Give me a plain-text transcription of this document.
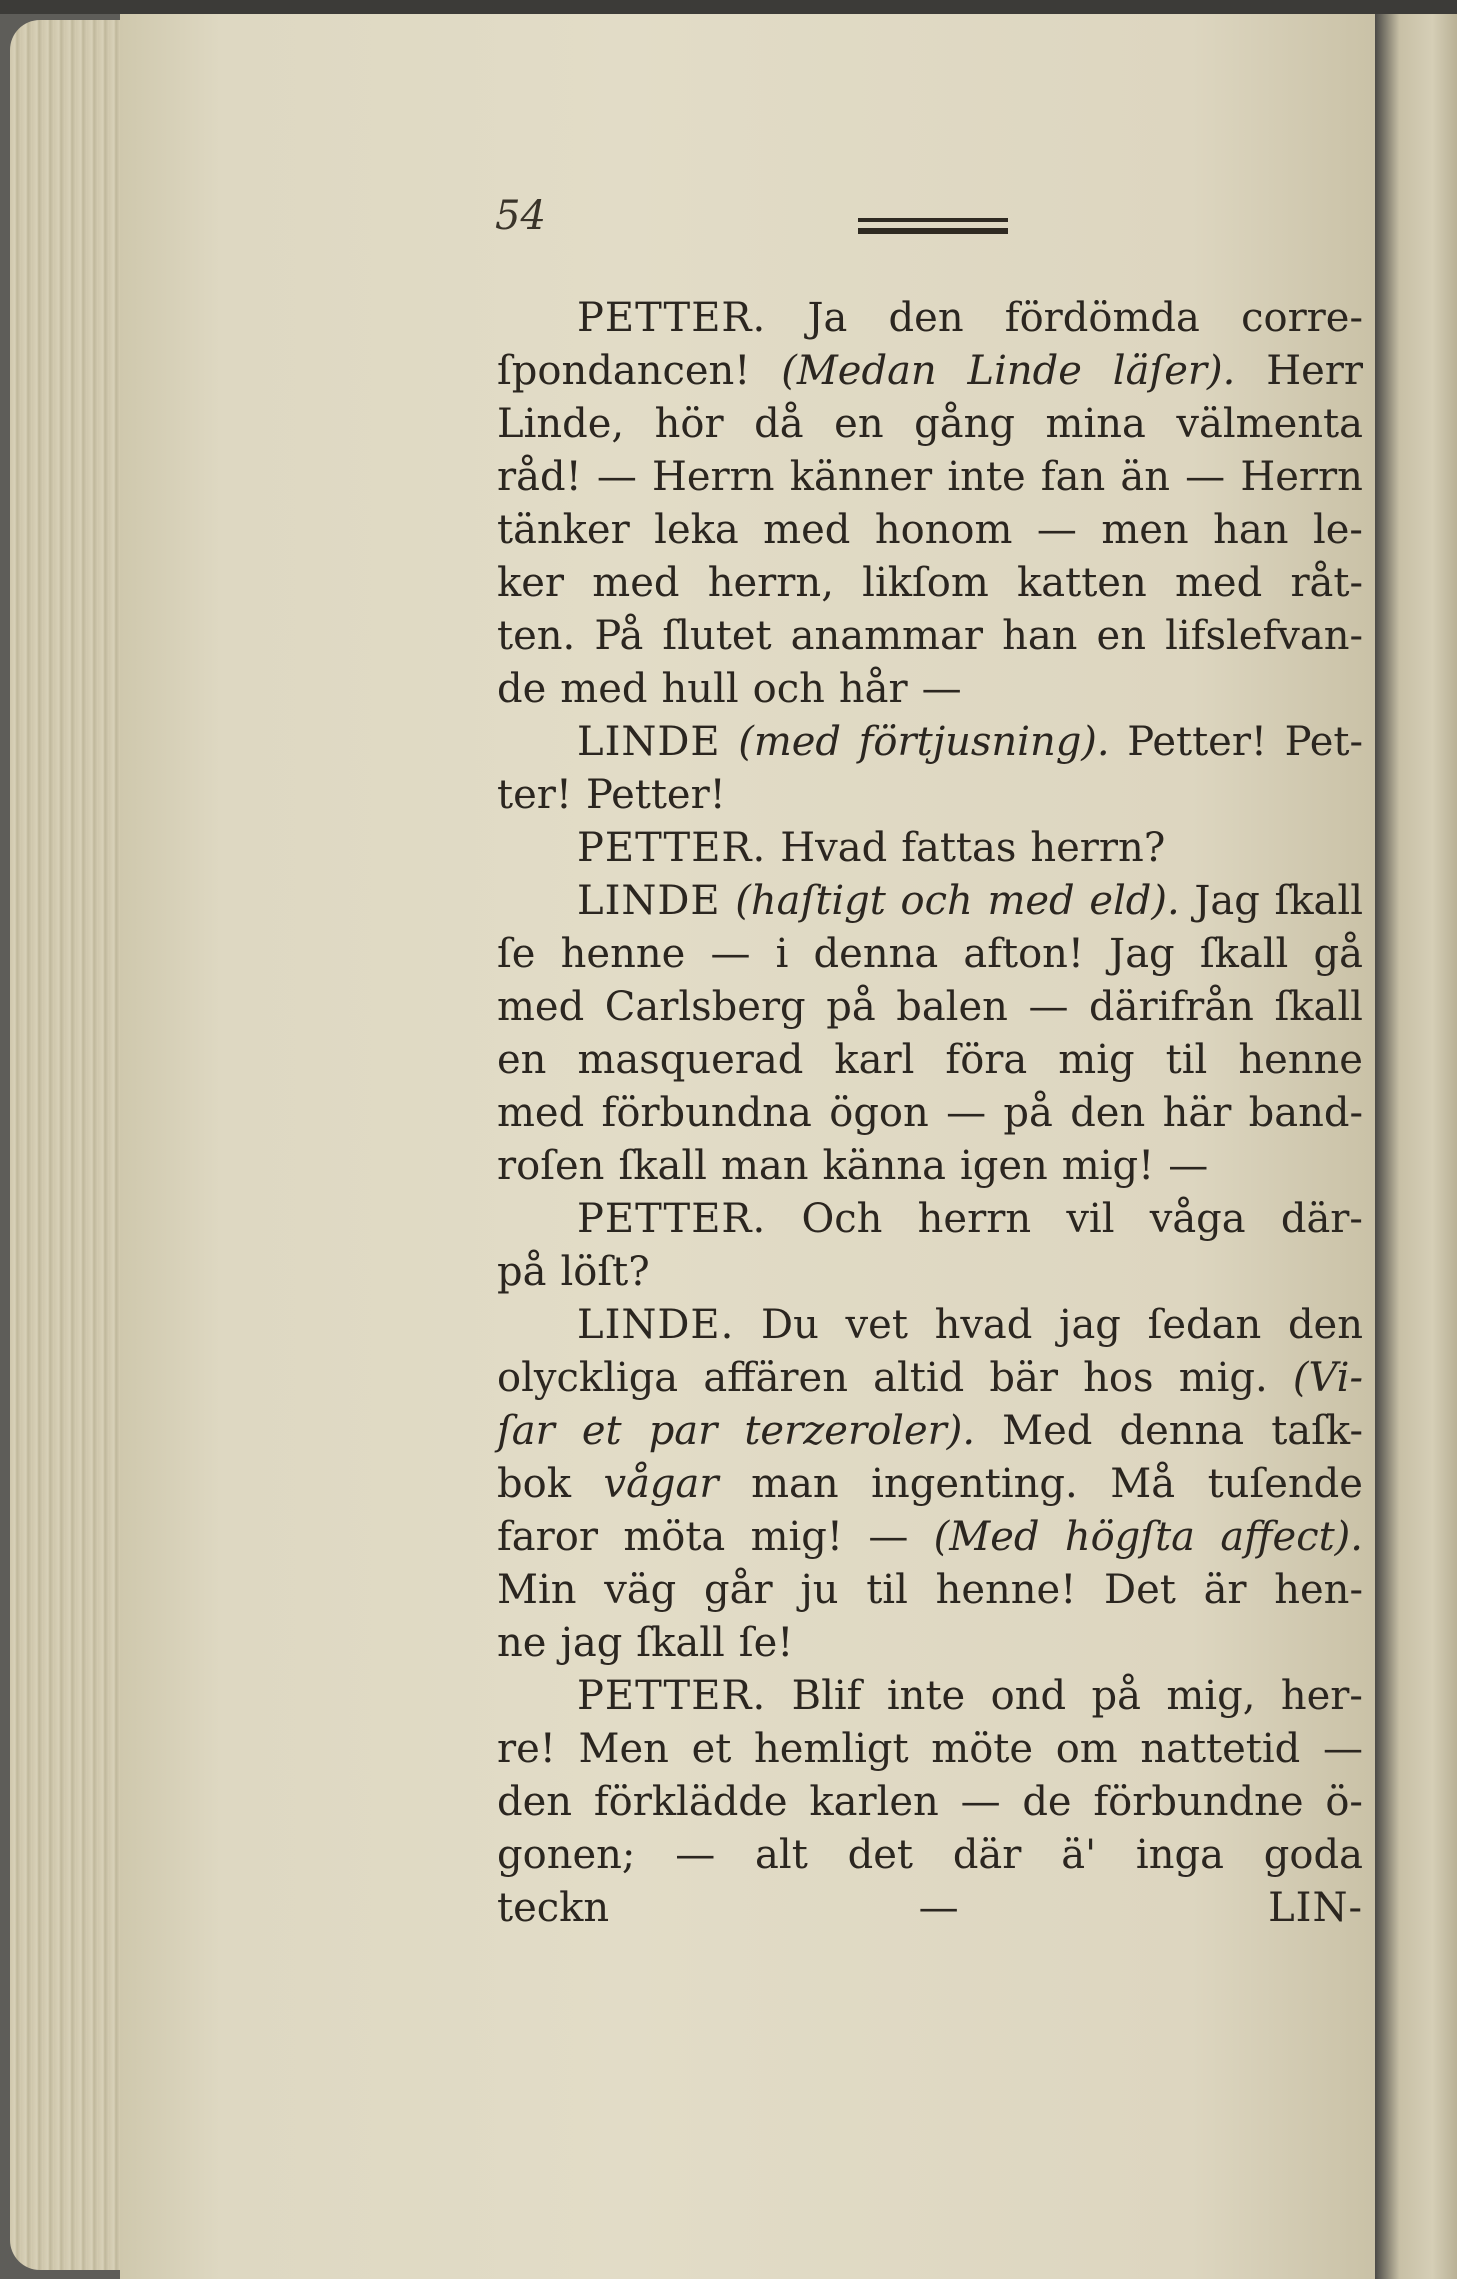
54
PETTER. Ja den fördömda corre-
ſpondancen! (Medan Linde läſer). Herr
Linde, hör då en gång mina välmenta
råd! — Herrn känner inte fan än — Herrn
tänker leka med honom — men han le-
ker med herrn, likſom katten med råt-
ten. På ſlutet anammar han en lifslefvan-
de med hull och hår —
LINDE (med förtjusning). Petter! Pet-
ter! Petter!
PETTER. Hvad fattas herrn?
LINDE (haſtigt och med eld). Jag ſkall
ſe henne — i denna afton! Jag ſkall gå
med Carlsberg på balen — därifrån ſkall
en masquerad karl föra mig til henne
med förbundna ögon — på den här band-
roſen ſkall man känna igen mig! —
PETTER. Och herrn vil våga där-
på löſt?
LINDE. Du vet hvad jag ſedan den
olyckliga affären altid bär hos mig. (Vi-
ſar et par terzeroler). Med denna taſk-
bok vågar man ingenting. Må tuſende
faror möta mig! — (Med högſta affect).
Min väg går ju til henne! Det är hen-
ne jag ſkall ſe!
PETTER. Blif inte ond på mig, her-
re! Men et hemligt möte om nattetid —
den förklädde karlen — de förbundne ö-
gonen; — alt det där ä' inga goda
teckn	—	LIN-
